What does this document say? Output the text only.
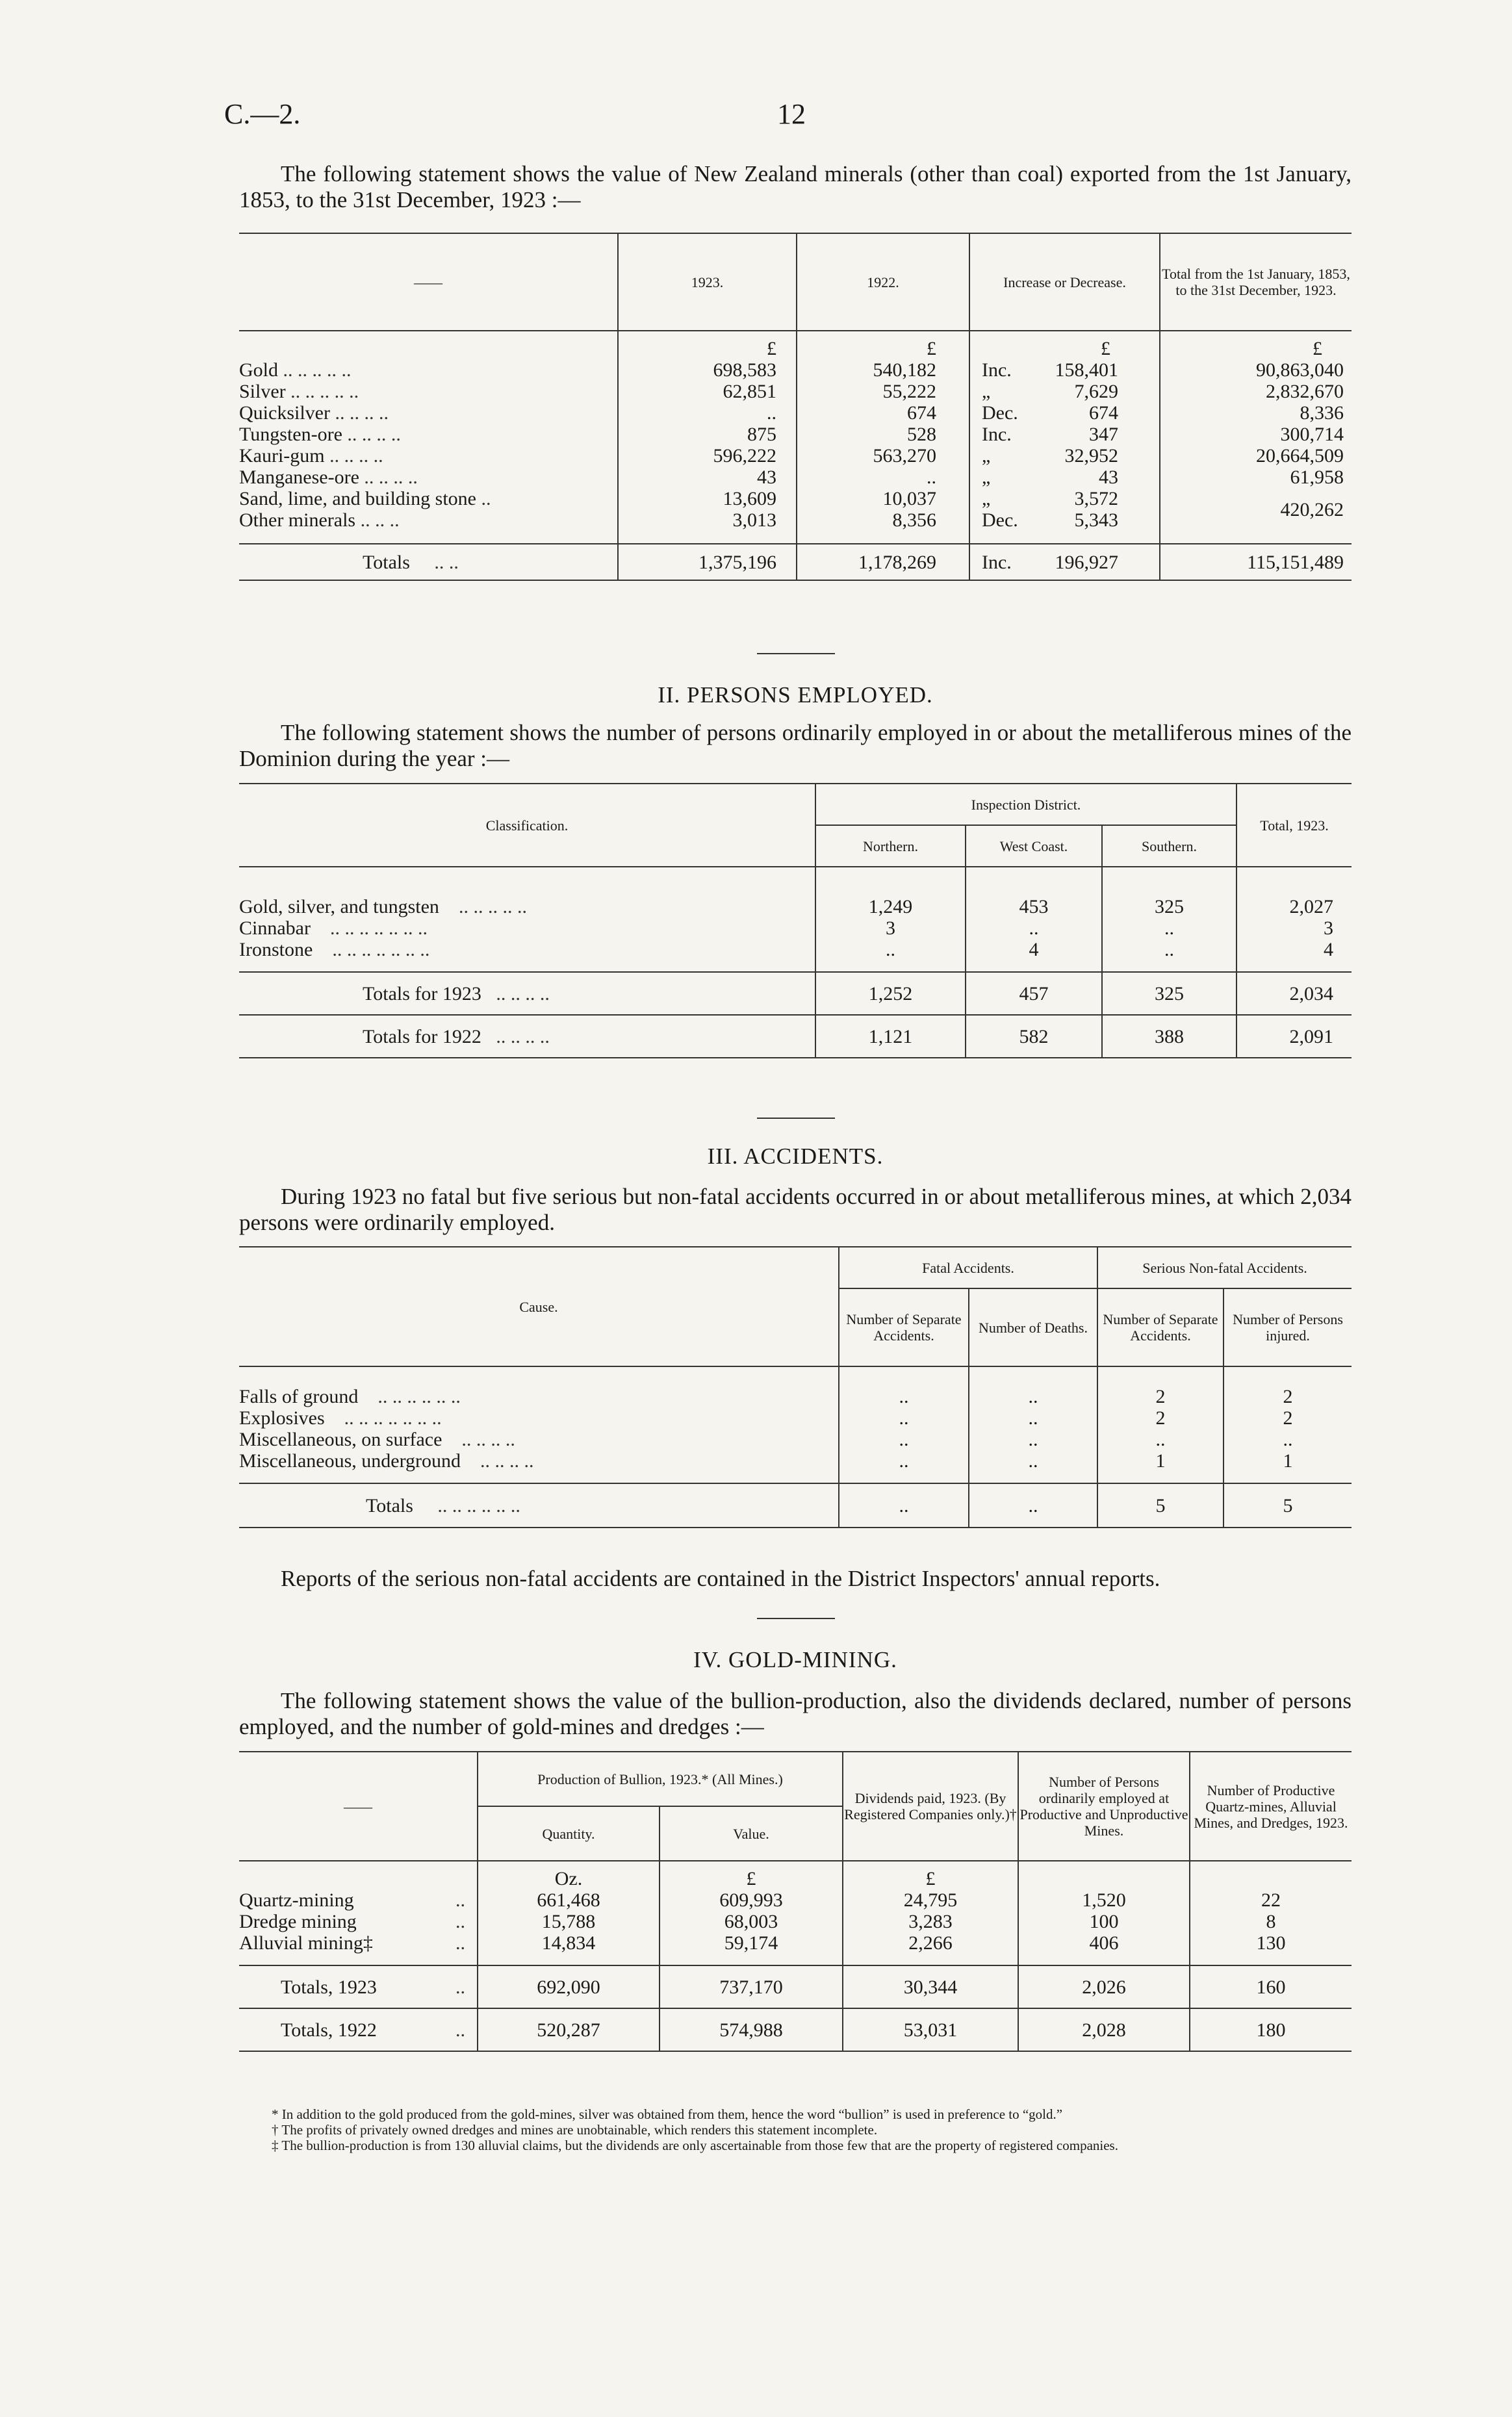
C.—2.	12
The following statement shows the value of New Zealand minerals (other than coal) exported from the 1st January, 1853, to the 31st December, 1923 :—
——	1923.	1922.	Increase or Decrease.	Total from the 1st January, 1853, to the 31st December, 1923.
	£	£	£	£
Gold .. .. .. .. ..	698,583	540,182	Inc. 158,401	90,863,040
Silver .. .. .. .. ..	62,851	55,222	„ 7,629	2,832,670
Quicksilver .. .. .. ..	..	674	Dec. 674	8,336
Tungsten-ore .. .. .. ..	875	528	Inc. 347	300,714
Kauri-gum .. .. .. ..	596,222	563,270	„ 32,952	20,664,509
Manganese-ore .. .. .. ..	43	..	„ 43	61,958
Sand, lime, and building stone ..	13,609	10,037	„ 3,572	420,262
Other minerals .. .. ..	3,013	8,356	Dec. 5,343	

Totals .. ..	1,375,196	1,178,269	Inc. 196,927	115,151,489
II. PERSONS EMPLOYED.
The following statement shows the number of persons ordinarily employed in or about the metalliferous mines of the Dominion during the year :—
Classification.	Inspection District.			Total, 1923.
	Northern.	West Coast.	Southern.	

Gold, silver, and tungsten .. .. .. .. ..	1,249	453	325	2,027
Cinnabar .. .. .. .. .. .. ..	3	..	..	3
Ironstone .. .. .. .. .. .. ..	..	4	..	4

Totals for 1923 .. .. .. ..	1,252	457	325	2,034
Totals for 1922 .. .. .. ..	1,121	582	388	2,091
III. ACCIDENTS.
During 1923 no fatal but five serious but non-fatal accidents occurred in or about metalliferous mines, at which 2,034 persons were ordinarily employed.
Cause.	Fatal Accidents.		Serious Non-fatal Accidents.	
	Number of Separate Accidents.	Number of Deaths.	Number of Separate Accidents.	Number of Persons injured.

Falls of ground .. .. .. .. .. ..	..	..	2	2
Explosives .. .. .. .. .. .. ..	..	..	2	2
Miscellaneous, on surface .. .. .. ..	..	..	..	..
Miscellaneous, underground .. .. .. ..	..	..	1	1

Totals .. .. .. .. .. ..	..	..	5	5
Reports of the serious non-fatal accidents are contained in the District Inspectors' annual reports.
IV. GOLD-MINING.
The following statement shows the value of the bullion-production, also the dividends declared, number of persons employed, and the number of gold-mines and dredges :—
——	Production of Bullion, 1923.* (All Mines.)		Dividends paid, 1923. (By Registered Companies only.)†	Number of Persons ordinarily employed at Productive and Unproductive Mines.	Number of Productive Quartz-mines, Alluvial Mines, and Dredges, 1923.
	Quantity.	Value.			
	Oz.	£	£		
Quartz-mining ..	661,468	609,993	24,795	1,520	22
Dredge mining ..	15,788	68,003	3,283	100	8
Alluvial mining‡ ..	14,834	59,174	2,266	406	130

Totals, 1923 ..	692,090	737,170	30,344	2,026	160
Totals, 1922 ..	520,287	574,988	53,031	2,028	180
* In addition to the gold produced from the gold-mines, silver was obtained from them, hence the word “bullion” is used in preference to “gold.”
† The profits of privately owned dredges and mines are unobtainable, which renders this statement incomplete.
‡ The bullion-production is from 130 alluvial claims, but the dividends are only ascertainable from those few that are the property of registered companies.
